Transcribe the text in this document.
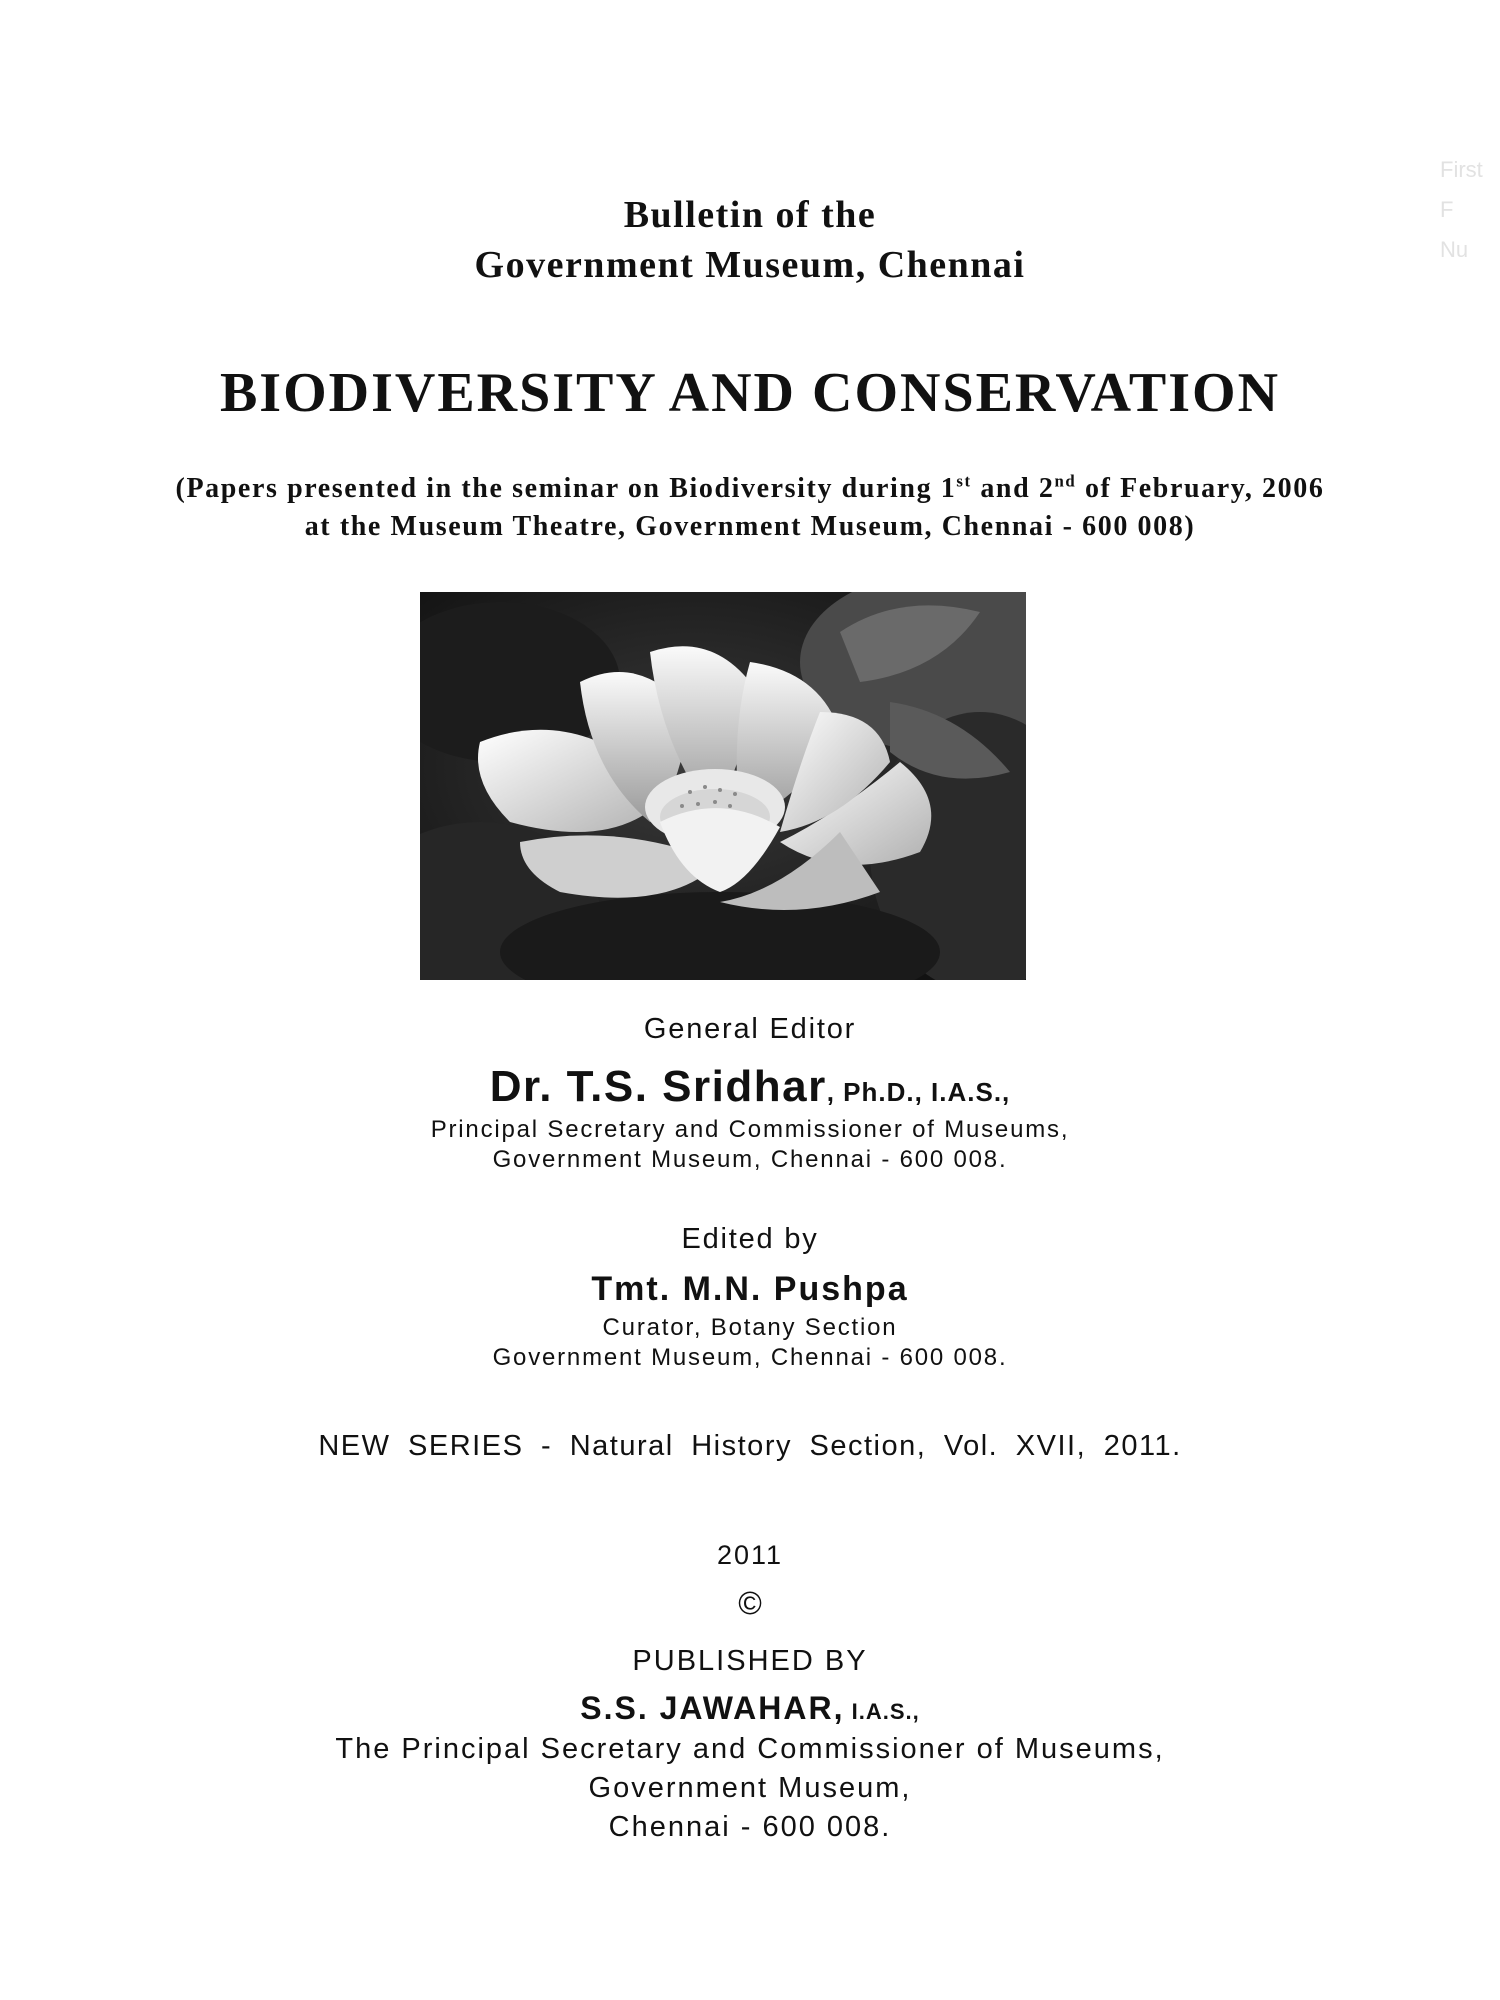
First F
Nu
Bulletin of the
Government Museum, Chennai
BIODIVERSITY AND CONSERVATION
(Papers presented in the seminar on Biodiversity during 1st and 2nd of February, 2006
at the Museum Theatre, Government Museum, Chennai - 600 008)
General Editor
Dr. T.S. Sridhar, Ph.D., I.A.S.,
Principal Secretary and Commissioner of Museums,
Government Museum, Chennai - 600 008.
Edited by
Tmt. M.N. Pushpa
Curator, Botany Section
Government Museum, Chennai - 600 008.
NEW SERIES - Natural History Section, Vol. XVII, 2011.
2011
©
PUBLISHED BY
S.S. JAWAHAR, I.A.S.,
The Principal Secretary and Commissioner of Museums,
Government Museum,
Chennai - 600 008.
